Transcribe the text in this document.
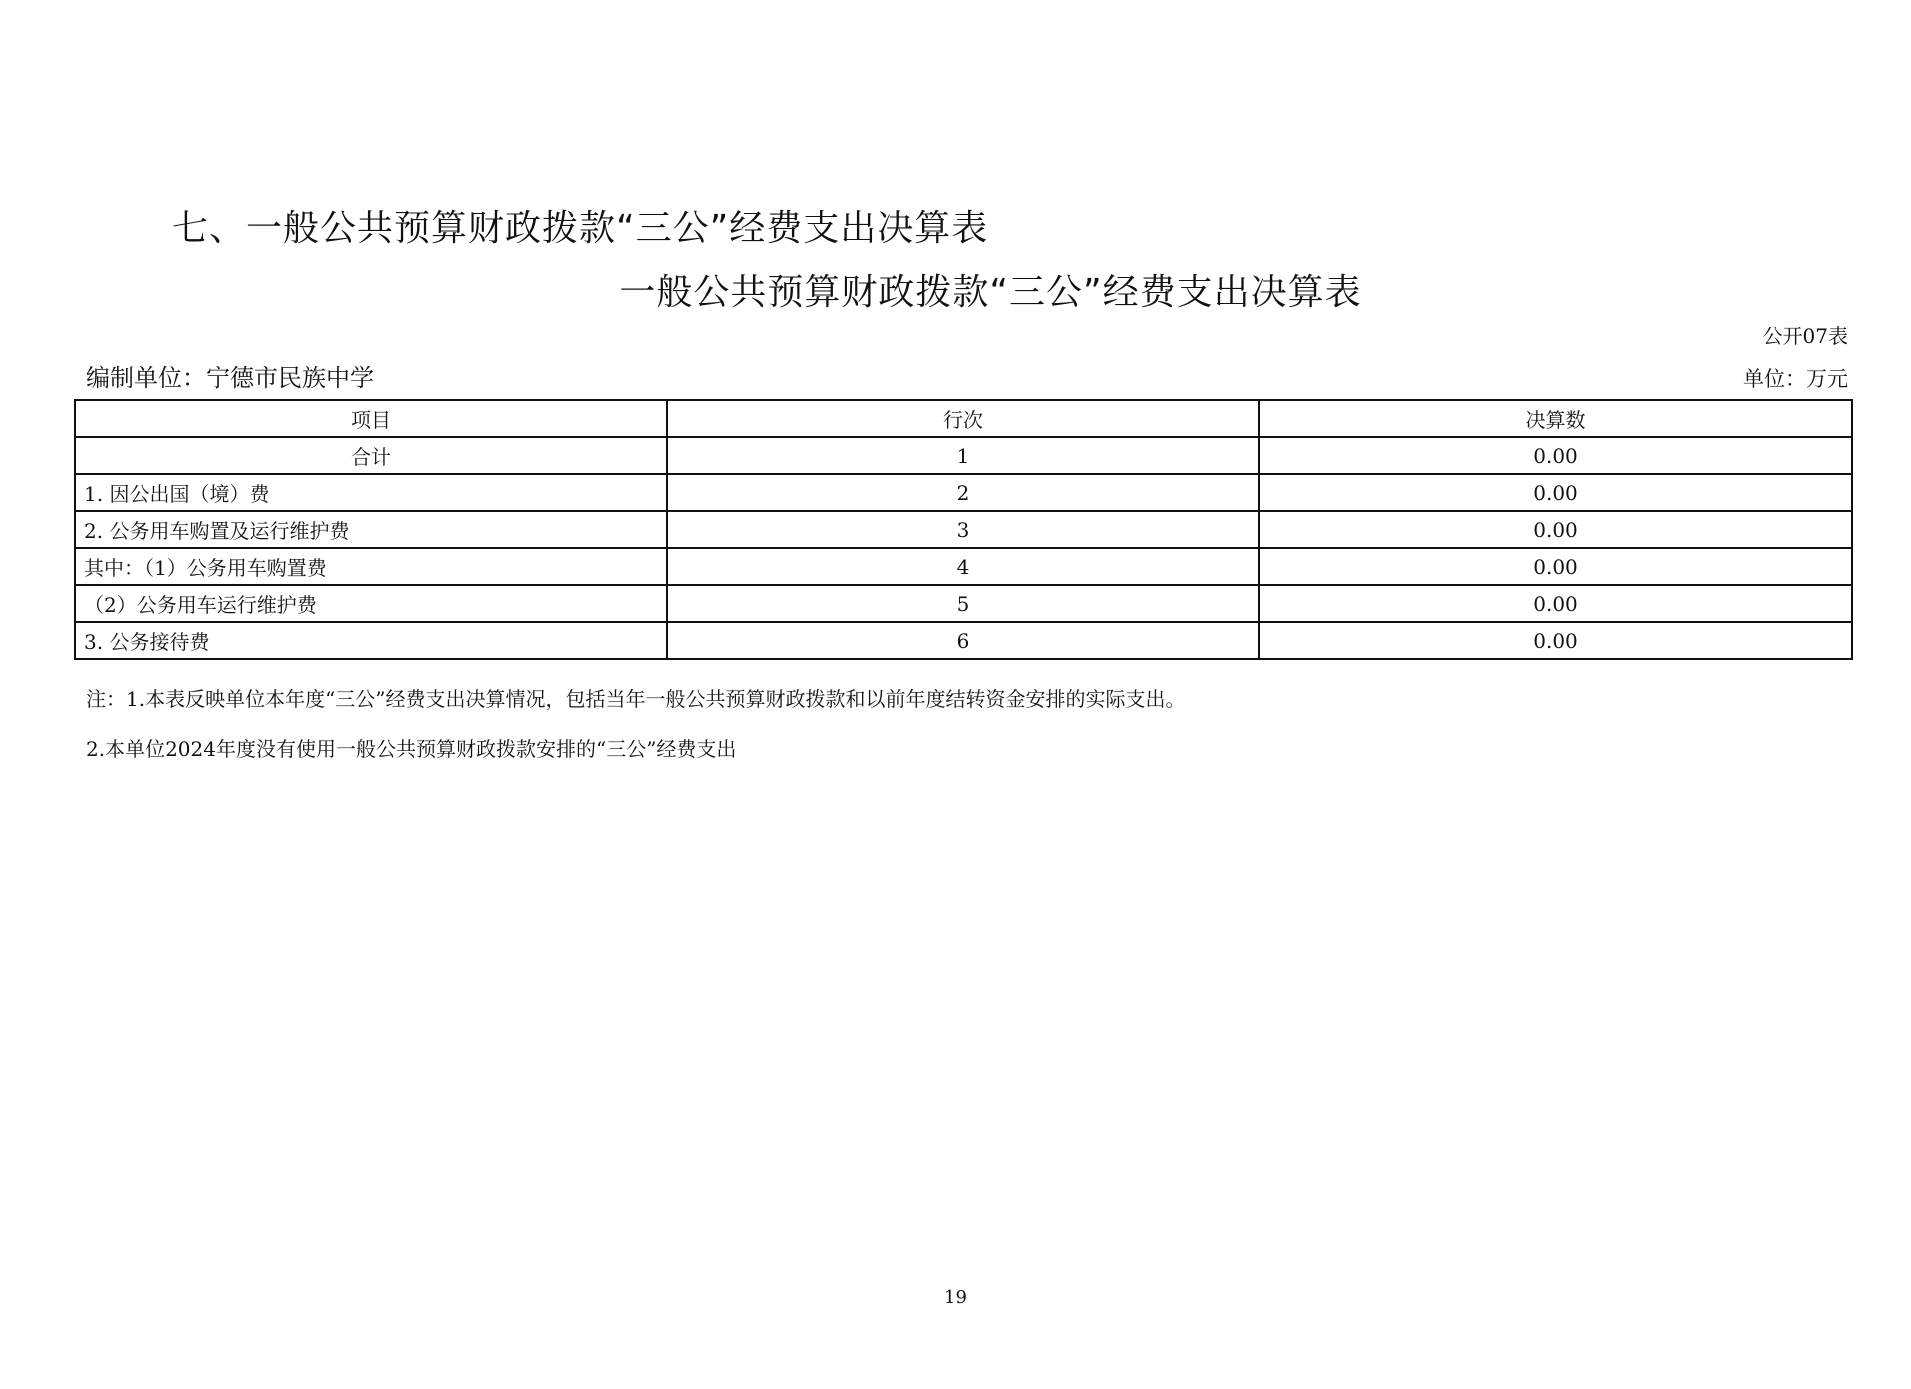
七、一般公共预算财政拨款“三公”经费支出决算表
一般公共预算财政拨款“三公”经费支出决算表
公开07表
编制单位：宁德市民族中学	单位：万元
项目	行次	决算数
合计	1	0.00
1. 因公出国（境）费	2	0.00
2. 公务用车购置及运行维护费	3	0.00
其中：（1）公务用车购置费	4	0.00
（2）公务用车运行维护费	5	0.00
3. 公务接待费	6	0.00

注：1.本表反映单位本年度“三公”经费支出决算情况，包括当年一般公共预算财政拨款和以前年度结转资金安排的实际支出。

2.本单位2024年度没有使用一般公共预算财政拨款安排的“三公”经费支出

19
